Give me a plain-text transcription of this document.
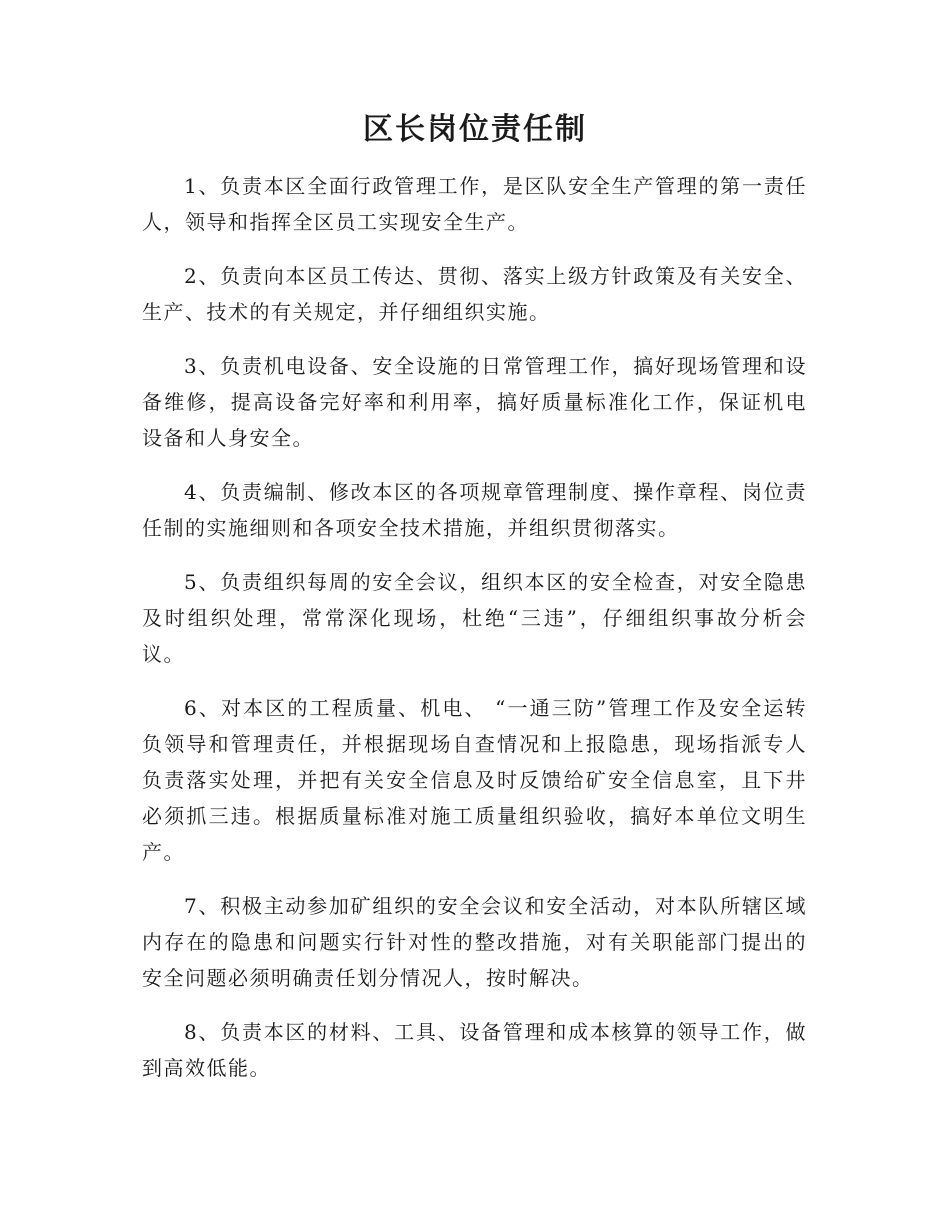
区长岗位责任制

1、负责本区全面行政管理工作，是区队安全生产管理的第一责任人，领导和指挥全区员工实现安全生产。

2、负责向本区员工传达、贯彻、落实上级方针政策及有关安全、生产、技术的有关规定，并仔细组织实施。

3、负责机电设备、安全设施的日常管理工作，搞好现场管理和设备维修，提高设备完好率和利用率，搞好质量标准化工作，保证机电设备和人身安全。

4、负责编制、修改本区的各项规章管理制度、操作章程、岗位责任制的实施细则和各项安全技术措施，并组织贯彻落实。

5、负责组织每周的安全会议，组织本区的安全检查，对安全隐患及时组织处理，常常深化现场，杜绝“三违”，仔细组织事故分析会议。

6、对本区的工程质量、机电、 “一通三防”管理工作及安全运转负领导和管理责任，并根据现场自查情况和上报隐患，现场指派专人负责落实处理，并把有关安全信息及时反馈给矿安全信息室，且下井必须抓三违。根据质量标准对施工质量组织验收，搞好本单位文明生产。

7、积极主动参加矿组织的安全会议和安全活动，对本队所辖区域内存在的隐患和问题实行针对性的整改措施，对有关职能部门提出的安全问题必须明确责任划分情况人，按时解决。

8、负责本区的材料、工具、设备管理和成本核算的领导工作，做到高效低能。
